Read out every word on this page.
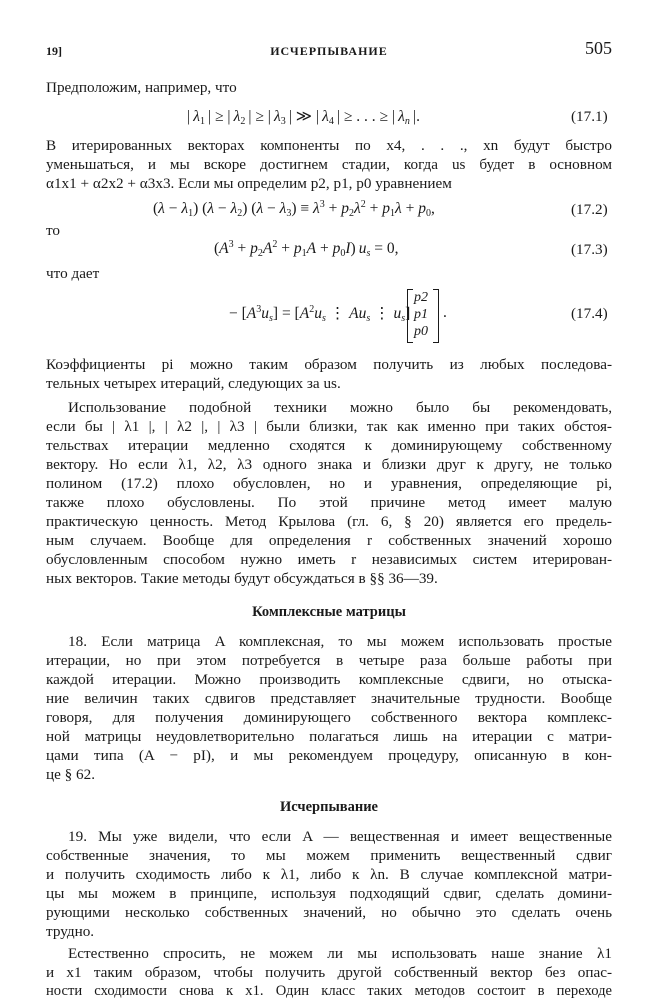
19]	ИСЧЕРПЫВАНИЕ	505
Предположим, например, что
| $\lambda_1$ | ≥ | $\lambda_2$ | ≥ | $\lambda_3$ | ≫ | $\lambda_4$ | ≥ . . . ≥ | $\lambda_n$ |.	(17.1)
В итерированных векторах компоненты по x4, . . ., xn будут быстро
уменьшаться, и мы вскоре достигнем стадии, когда us будет в основном
α1x1 + α2x2 + α3x3. Если мы определим p2, p1, p0 уравнением
$(\lambda - \lambda_1)$ $(\lambda - \lambda_2)$ $(\lambda - \lambda_3) \equiv \lambda^3 + p_2\lambda^2 + p_1\lambda + p_0$,	(17.2)
то
$(A^3 + p_2A^2 + p_1A + p_0I) u_s = 0$,	(17.3)
что дает
− $[A^3u_s] = [A^2u_s$ ⋮ $Au_s$ ⋮ $u_s$]
p2
p1
p0
.	(17.4)
Коэффициенты pi можно таким образом получить из любых последова-
тельных четырех итераций, следующих за us.
Использование подобной техники можно было бы рекомендовать,
если бы | λ1 |, | λ2 |, | λ3 | были близки, так как именно при таких обстоя-
тельствах итерации медленно сходятся к доминирующему собственному
вектору. Но если λ1, λ2, λ3 одного знака и близки друг к другу, не только
полином (17.2) плохо обусловлен, но и уравнения, определяющие pi,
также плохо обусловлены. По этой причине метод имеет малую
практическую ценность. Метод Крылова (гл. 6, § 20) является его предель-
ным случаем. Вообще для определения r собственных значений хорошо
обусловленным способом нужно иметь r независимых систем итерирован-
ных векторов. Такие методы будут обсуждаться в §§ 36—39.
Комплексные матрицы
18. Если матрица A комплексная, то мы можем использовать простые
итерации, но при этом потребуется в четыре раза больше работы при
каждой итерации. Можно производить комплексные сдвиги, но отыска-
ние величин таких сдвигов представляет значительные трудности. Вообще
говоря, для получения доминирующего собственного вектора комплекс-
ной матрицы неудовлетворительно полагаться лишь на итерации с матри-
цами типа (A − pI), и мы рекомендуем процедуру, описанную в кон-
це § 62.
Исчерпывание
19. Мы уже видели, что если A — вещественная и имеет вещественные
собственные значения, то мы можем применить вещественный сдвиг
и получить сходимость либо к λ1, либо к λn. В случае комплексной матри-
цы мы можем в принципе, используя подходящий сдвиг, сделать домини-
рующими несколько собственных значений, но обычно это сделать очень
трудно.
Естественно спросить, не можем ли мы использовать наше знание λ1
и x1 таким образом, чтобы получить другой собственный вектор без опас-
ности сходимости снова к x1. Один класс таких методов состоит в переходе
